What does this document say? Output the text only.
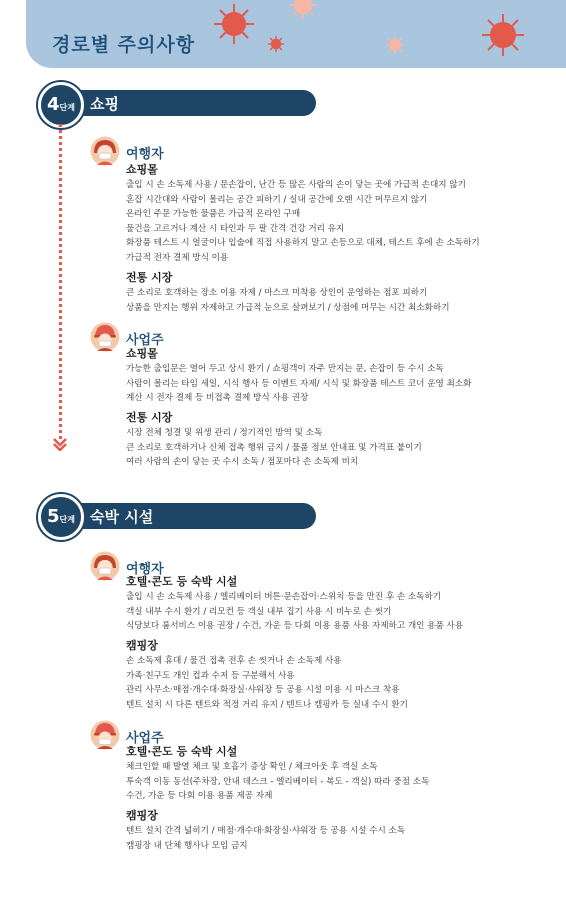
경로별 주의사항
쇼핑
4단계
여행자
쇼핑몰
출입 시 손 소독제 사용 / 문손잡이, 난간 등 많은 사람의 손이 닿는 곳에 가급적 손대지 않기
혼잡 시간대와 사람이 몰리는 공간 피하기 / 실내 공간에 오랜 시간 머무르지 않기
온라인 주문 가능한 물품은 가급적 온라인 구매
물건을 고르거나 계산 시 타인과 두 팔 간격 건강 거리 유지
화장품 테스트 시 얼굴이나 입술에 직접 사용하지 말고 손등으로 대체, 테스트 후에 손 소독하기
가급적 전자 결제 방식 이용
전통 시장
큰 소리로 호객하는 장소 이용 자제 / 마스크 미착용 상인이 운영하는 점포 피하기
상품을 만지는 행위 자제하고 가급적 눈으로 살펴보기 / 상점에 머무는 시간 최소화하기
사업주
쇼핑몰
가능한 출입문은 열어 두고 상시 환기 / 쇼핑객이 자주 만지는 문, 손잡이 등 수시 소독
사람이 몰리는 타임 세일, 시식 행사 등 이벤트 자제/ 시식 및 화장품 테스트 코너 운영 최소화
계산 시 전자 결제 등 비접촉 결제 방식 사용 권장
전통 시장
시장 전체 청결 및 위생 관리 / 정기적인 방역 및 소독
큰 소리로 호객하거나 신체 접촉 행위 금지 / 물품 정보 안내표 및 가격표 붙이기
여러 사람의 손이 닿는 곳 수시 소독 / 점포마다 손 소독제 비치
숙박 시설
5단계
여행자
호텔·콘도 등 숙박 시설
출입 시 손 소독제 사용 / 엘리베이터 버튼·문손잡이·스위치 등을 만진 후 손 소독하기
객실 내부 수시 환기 / 리모컨 등 객실 내부 집기 사용 시 비누로 손 씻기
식당보다 룸서비스 이용 권장 / 수건, 가운 등 다회 이용 용품 사용 자제하고 개인 용품 사용
캠핑장
손 소독제 휴대 / 물건 접촉 전후 손 씻거나 손 소독제 사용
가족·친구도 개인 컵과 수저 등 구분해서 사용
관리 사무소·매점·개수대·화장실·샤워장 등 공용 시설 이용 시 마스크 착용
텐트 설치 시 다른 텐트와 적정 거리 유지 / 텐트나 캠핑카 등 실내 수시 환기
사업주
호텔·콘도 등 숙박 시설
체크인할 때 발열 체크 및 호흡기 증상 확인 / 체크아웃 후 객실 소독
투숙객 이동 동선(주차장, 안내 데스크 - 엘리베이터 - 복도 - 객실) 따라 중점 소독
수건, 가운 등 다회 이용 용품 제공 자제
캠핑장
텐트 설치 간격 넓히기 / 매점·개수대·화장실·샤워장 등 공용 시설 수시 소독
캠핑장 내 단체 행사나 모임 금지
